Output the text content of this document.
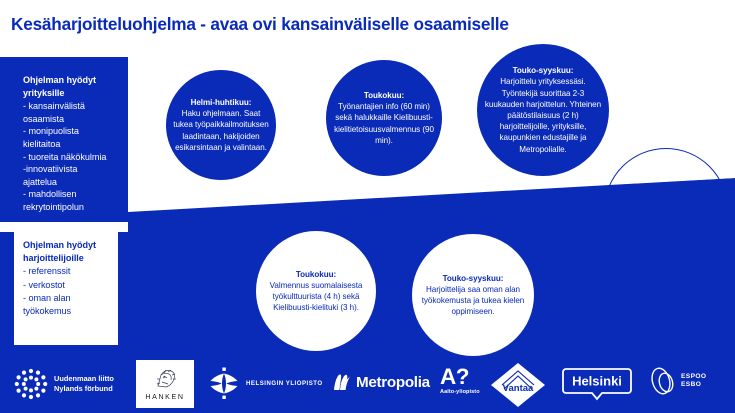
Kesäharjoitteluohjelma - avaa ovi kansainväliselle osaamiselle
Ohjelman hyödyt yrityksille
- kansainvälistä osaamista
- monipuolista kielitaitoa
- tuoreita näkökulmia
-innovatiivista ajattelua
- mahdollisen rekrytointipolun
Ohjelman hyödyt harjoittelijoille
- referenssit
- verkostot
- oman alan työkokemus
Helmi-huhtikuu:
Haku ohjelmaan. Saat tukea työpaikkailmoituksen laadintaan, hakijoiden esikarsintaan ja valintaan.
Toukokuu:
Työnantajien info (60 min) sekä halukkaille Kielibuusti-kielitietoisuusvalmennus (90 min).
Touko-syyskuu:
Harjoittelu yrityksessäsi. Työntekijä suorittaa 2-3 kuukauden harjoittelun. Yhteinen päätöstilaisuus (2 h) harjoittelijoille, yrityksille, kaupunkien edustajille ja Metropolialle.
Osallistut yhteiseen päätöstilaisuuteen (2,5 h), jossa yritykset ja harjoittelijat pääsevät vaihtamaan oppeja.
Toukokuu:
Valmennus suomalaisesta työkulttuurista (4 h) sekä Kielibuusti-kielituki (3 h).
Touko-syyskuu:
Harjoittelija saa oman alan työkokemusta ja tukea kielen oppimiseen.
Uudenmaan liitto
Nylands förbund
HANKEN
HELSINGIN YLIOPISTO Metropolia A?
Aalto-yliopisto Vantaa	Helsinki	ESPOO
ESBO
